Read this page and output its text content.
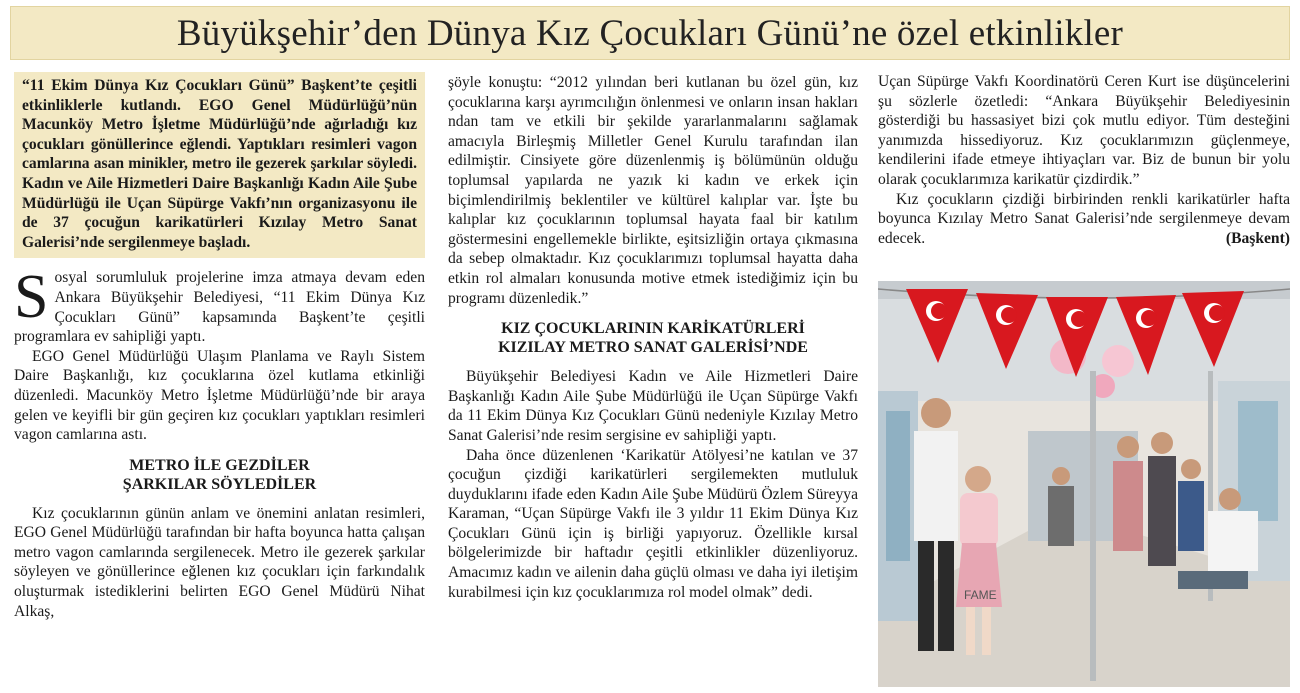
Büyükşehir’den Dünya Kız Çocukları Günü’ne özel etkinlikler
“11 Ekim Dünya Kız Çocukları Günü” Başkent’te çeşitli etkinliklerle kutlandı. EGO Genel Müdürlüğü’nün Macunköy Metro İşletme Müdürlüğü’nde ağırladığı kız çocukları gönüllerince eğlendi. Yaptıkları resimleri vagon camlarına asan minikler, metro ile gezerek şarkılar söyledi. Kadın ve Aile Hizmetleri Daire Başkanlığı Kadın Aile Şube Müdürlüğü ile Uçan Süpürge Vakfı’nın organizasyonu ile de 37 çocuğun karikatürleri Kızılay Metro Sanat Galerisi’nde sergilenmeye başladı.

Sosyal sorumluluk projelerine imza atmaya devam eden Ankara Büyükşehir Belediyesi, “11 Ekim Dünya Kız Çocukları Günü” kapsamında Başkent’te çeşitli programlara ev sahipliği yaptı.

EGO Genel Müdürlüğü Ulaşım Planlama ve Raylı Sistem Daire Başkanlığı, kız çocuklarına özel kutlama etkinliği düzenledi. Macunköy Metro İşletme Müdürlüğü’nde bir araya gelen ve keyifli bir gün geçiren kız çocukları yaptıkları resimleri vagon camlarına astı.

METRO İLE GEZDİLER
ŞARKILAR SÖYLEDİLER

Kız çocuklarının günün anlam ve önemini anlatan resimleri, EGO Genel Müdürlüğü tarafından bir hafta boyunca hatta çalışan metro vagon camlarında sergilenecek. Metro ile gezerek şarkılar söyleyen ve gönüllerince eğlenen kız çocukları için farkındalık oluşturmak istediklerini belirten EGO Genel Müdürü Nihat Alkaş,

şöyle konuştu: “2012 yılından beri kutlanan bu özel gün, kız çocuklarına karşı ayrımcılığın önlenmesi ve onların insan hakları ndan tam ve etkili bir şekilde yararlanmalarını sağlamak amacıyla Birleşmiş Milletler Genel Kurulu tarafından ilan edilmiştir. Cinsiyete göre düzenlenmiş iş bölümünün olduğu toplumsal yapılarda ne yazık ki kadın ve erkek için biçimlendirilmiş beklentiler ve kültürel kalıplar var. İşte bu kalıplar kız çocuklarının toplumsal hayata faal bir katılım göstermesini engellemekle birlikte, eşitsizliğin ortaya çıkmasına da sebep olmaktadır. Kız çocuklarımızı toplumsal hayatta daha etkin rol almaları konusunda motive etmek istediğimiz için bu programı düzenledik.”

KIZ ÇOCUKLARININ KARİKATÜRLERİ
KIZILAY METRO SANAT GALERİSİ’NDE

Büyükşehir Belediyesi Kadın ve Aile Hizmetleri Daire Başkanlığı Kadın Aile Şube Müdürlüğü ile Uçan Süpürge Vakfı da 11 Ekim Dünya Kız Çocukları Günü nedeniyle Kızılay Metro Sanat Galerisi’nde resim sergisine ev sahipliği yaptı.

Daha önce düzenlenen ‘Karikatür Atölyesi’ne katılan ve 37 çocuğun çizdiği karikatürleri sergilemekten mutluluk duyduklarını ifade eden Kadın Aile Şube Müdürü Özlem Süreyya Karaman, “Uçan Süpürge Vakfı ile 3 yıldır 11 Ekim Dünya Kız Çocukları Günü için iş birliği yapıyoruz. Özellikle kırsal bölgelerimizde bir haftadır çeşitli etkinlikler düzenliyoruz. Amacımız kadın ve ailenin daha güçlü olması ve daha iyi iletişim kurabilmesi için kız çocuklarımıza rol model olmak” dedi.

Uçan Süpürge Vakfı Koordinatörü Ceren Kurt ise düşüncelerini şu sözlerle özetledi: “Ankara Büyükşehir Belediyesinin gösterdiği bu hassasiyet bizi çok mutlu ediyor. Tüm desteğini yanımızda hissediyoruz. Kız çocuklarımızın güçlenmeye, kendilerini ifade etmeye ihtiyaçları var. Biz de bunun bir yolu olarak çocuklarımıza karikatür çizdirdik.”

Kız çocukların çizdiği birbirinden renkli karikatürler hafta boyunca Kızılay Metro Sanat Galerisi’nde sergilenmeye devam edecek.	(Başkent)

FAME
